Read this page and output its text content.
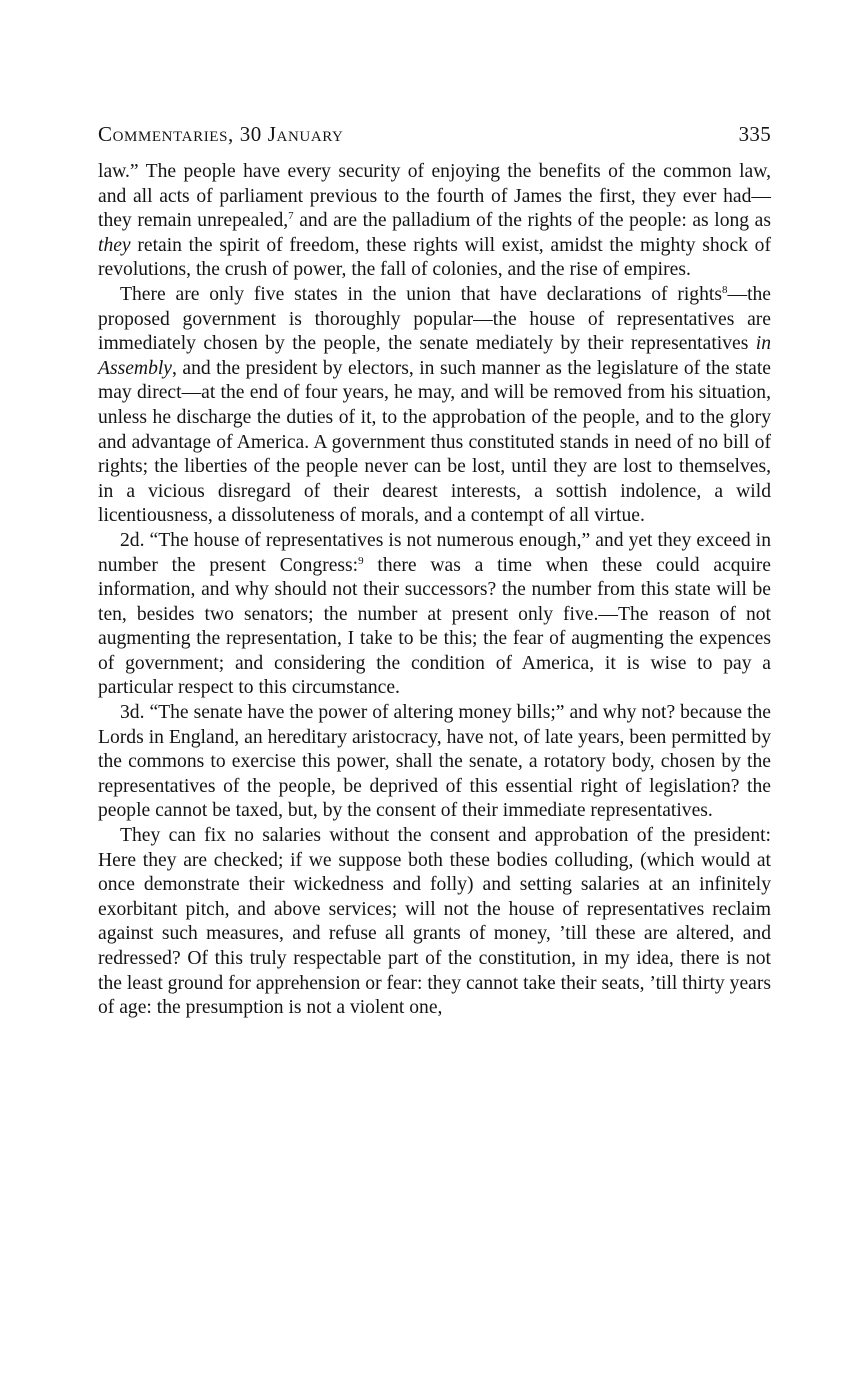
Commentaries, 30 January	335

law.” The people have every security of enjoying the benefits of the common law, and all acts of parliament previous to the fourth of James the first, they ever had—they remain unrepealed,$^7$ and are the palladium of the rights of the people: as long as they retain the spirit of freedom, these rights will exist, amidst the mighty shock of revolutions, the crush of power, the fall of colonies, and the rise of empires.

There are only five states in the union that have declarations of rights$^8$—the proposed government is thoroughly popular—the house of representatives are immediately chosen by the people, the senate mediately by their representatives in Assembly, and the president by electors, in such manner as the legislature of the state may direct—at the end of four years, he may, and will be removed from his situation, unless he discharge the duties of it, to the approbation of the people, and to the glory and advantage of America. A government thus constituted stands in need of no bill of rights; the liberties of the people never can be lost, until they are lost to themselves, in a vicious disregard of their dearest interests, a sottish indolence, a wild licentiousness, a dissoluteness of morals, and a contempt of all virtue.

2d. “The house of representatives is not numerous enough,” and yet they exceed in number the present Congress:$^9$ there was a time when these could acquire information, and why should not their successors? the number from this state will be ten, besides two senators; the number at present only five.—The reason of not augmenting the representation, I take to be this; the fear of augmenting the expences of government; and considering the condition of America, it is wise to pay a particular respect to this circumstance.

3d. “The senate have the power of altering money bills;” and why not? because the Lords in England, an hereditary aristocracy, have not, of late years, been permitted by the commons to exercise this power, shall the senate, a rotatory body, chosen by the representatives of the people, be deprived of this essential right of legislation? the people cannot be taxed, but, by the consent of their immediate representatives.

They can fix no salaries without the consent and approbation of the president: Here they are checked; if we suppose both these bodies colluding, (which would at once demonstrate their wickedness and folly) and setting salaries at an infinitely exorbitant pitch, and above services; will not the house of representatives reclaim against such measures, and refuse all grants of money, ’till these are altered, and redressed? Of this truly respectable part of the constitution, in my idea, there is not the least ground for apprehension or fear: they cannot take their seats, ’till thirty years of age: the presumption is not a violent one,
